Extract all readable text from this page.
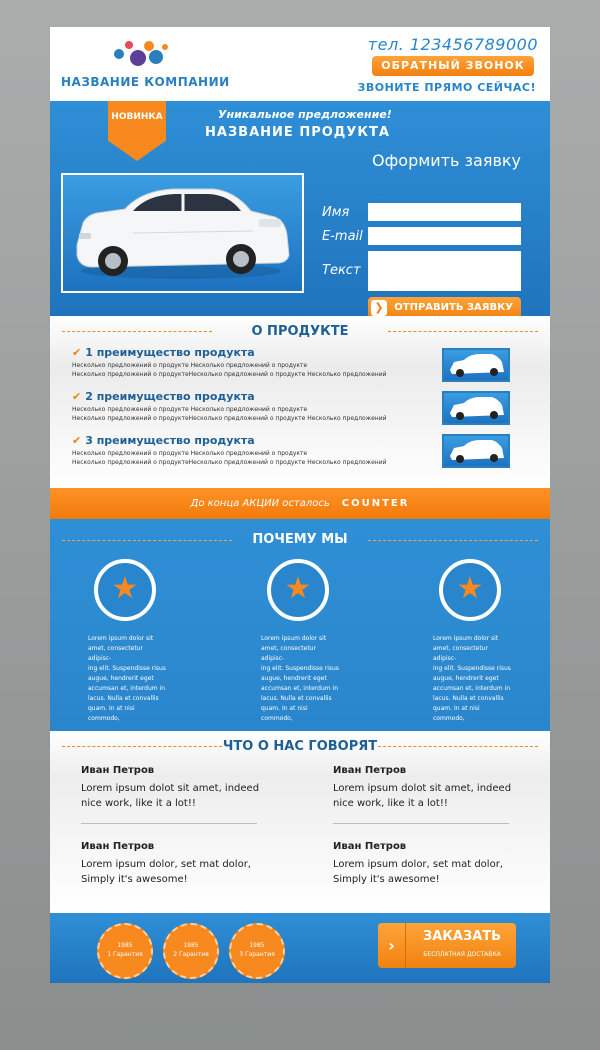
НАЗВАНИЕ КОМПАНИИ
тел. 123456789000
ОБРАТНЫЙ ЗВОНОК
ЗВОНИТЕ ПРЯМО СЕЙЧАС!
НОВИНКА	Уникальное предложение!
НАЗВАНИЕ ПРОДУКТА
Оформить заявку
Имя
E-mail
Текст
❯	ОТПРАВИТЬ ЗАЯВКУ
О ПРОДУКТЕ
✔ 1 преимущество продукта
Несколько предложений о продукте Несколько предложений о продукте
Несколько предложений о продуктеНесколько предложений о продукте Несколько предложений
✔ 2 преимущество продукта
Несколько предложений о продукте Несколько предложений о продукте
Несколько предложений о продуктеНесколько предложений о продукте Несколько предложений
✔ 3 преимущество продукта
Несколько предложений о продукте Несколько предложений о продукте
Несколько предложений о продуктеНесколько предложений о продукте Несколько предложений
До конца АКЦИИ осталось COUNTER
ПОЧЕМУ МЫ
★	★	★
Lorem ipsum dolor sit
amet, consectetur adipisc-
ing elit. Suspendisse risus
augue, hendrerit eget
accumsan et, interdum in
lacus. Nulla et convallis
quam. In at nisi commodo,
Lorem ipsum dolor sit
amet, consectetur adipisc-
ing elit. Suspendisse risus
augue, hendrerit eget
accumsan et, interdum in
lacus. Nulla et convallis
quam. In at nisi commodo,
Lorem ipsum dolor sit
amet, consectetur adipisc-
ing elit. Suspendisse risus
augue, hendrerit eget
accumsan et, interdum in
lacus. Nulla et convallis
quam. In at nisi commodo,
ЧТО О НАС ГОВОРЯТ
Иван Петров
Lorem ipsum dolot sit amet, indeed
nice work, like it a lot!!
Иван Петров
Lorem ipsum dolot sit amet, indeed
nice work, like it a lot!!
Иван Петров
Lorem ipsum dolor, set mat dolor,
Simply it's awesome!
Иван Петров
Lorem ipsum dolor, set mat dolor,
Simply it's awesome!
1985
1 Гарантия
1985
2 Гарантия
1985
3 Гарантия	›	ЗАКАЗАТЬ
БЕСПЛАТНАЯ ДОСТАВКА
